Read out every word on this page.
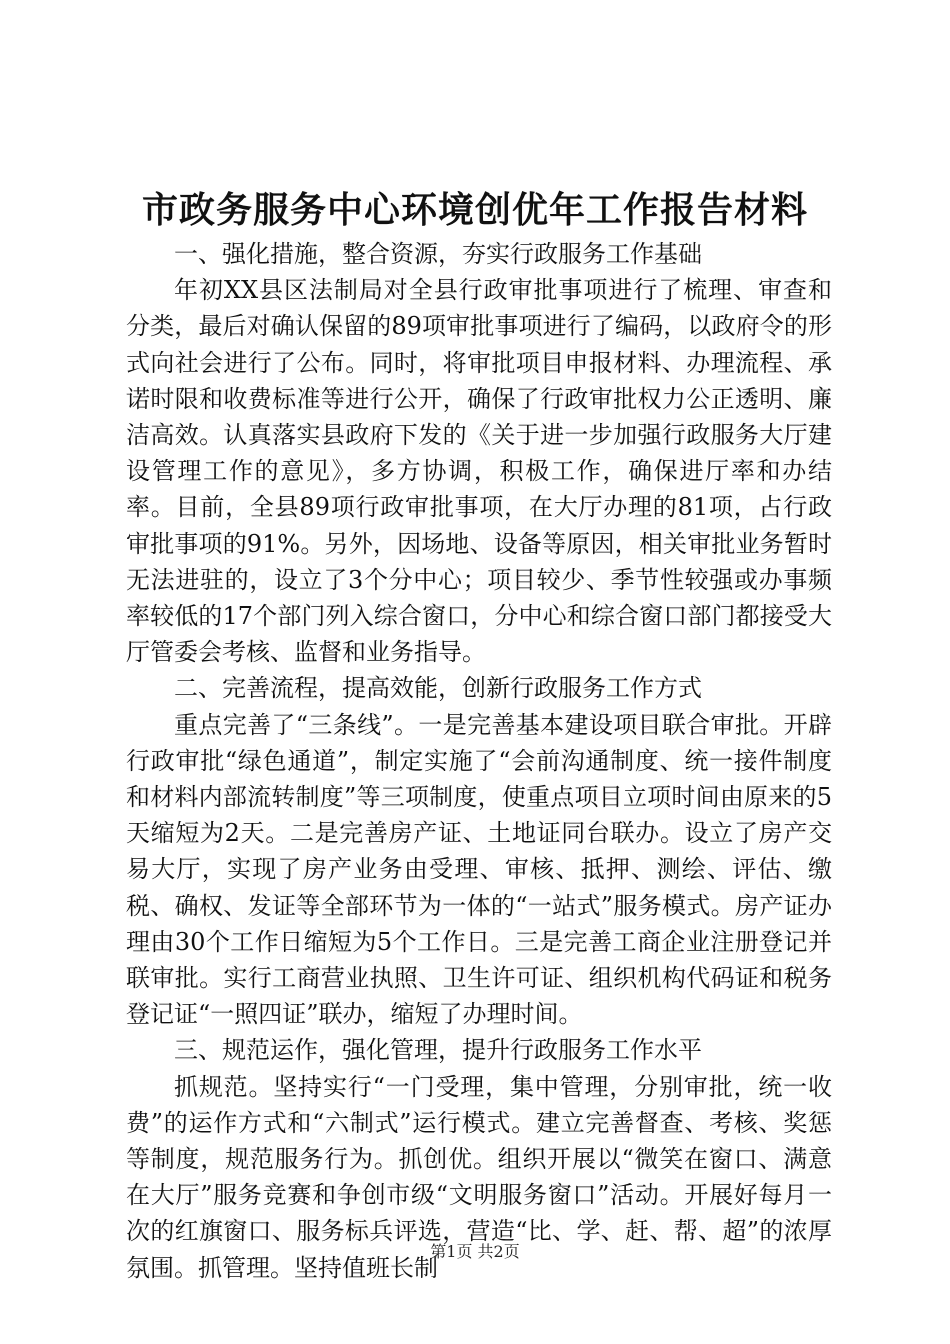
市政务服务中心环境创优年工作报告材料

一、强化措施，整合资源，夯实行政服务工作基础

年初XX县区法制局对全县行政审批事项进行了梳理、审查和分类，最后对确认保留的89项审批事项进行了编码，以政府令的形式向社会进行了公布。同时，将审批项目申报材料、办理流程、承诺时限和收费标准等进行公开，确保了行政审批权力公正透明、廉洁高效。认真落实县政府下发的《关于进一步加强行政服务大厅建设管理工作的意见》，多方协调，积极工作，确保进厅率和办结率。目前，全县89项行政审批事项，在大厅办理的81项，占行政审批事项的91%。另外，因场地、设备等原因，相关审批业务暂时无法进驻的，设立了3个分中心；项目较少、季节性较强或办事频率较低的17个部门列入综合窗口，分中心和综合窗口部门都接受大厅管委会考核、监督和业务指导。

二、完善流程，提高效能，创新行政服务工作方式

重点完善了“三条线”。一是完善基本建设项目联合审批。开辟行政审批“绿色通道”，制定实施了“会前沟通制度、统一接件制度和材料内部流转制度”等三项制度，使重点项目立项时间由原来的5天缩短为2天。二是完善房产证、土地证同台联办。设立了房产交易大厅，实现了房产业务由受理、审核、抵押、测绘、评估、缴税、确权、发证等全部环节为一体的“一站式”服务模式。房产证办理由30个工作日缩短为5个工作日。三是完善工商企业注册登记并联审批。实行工商营业执照、卫生许可证、组织机构代码证和税务登记证“一照四证”联办，缩短了办理时间。

三、规范运作，强化管理，提升行政服务工作水平

抓规范。坚持实行“一门受理，集中管理，分别审批，统一收费”的运作方式和“六制式”运行模式。建立完善督查、考核、奖惩等制度，规范服务行为。抓创优。组织开展以“微笑在窗口、满意在大厅”服务竞赛和争创市级“文明服务窗口”活动。开展好每月一次的红旗窗口、服务标兵评选，营造“比、学、赶、帮、超”的浓厚氛围。抓管理。坚持值班长制

第1页 共2页
